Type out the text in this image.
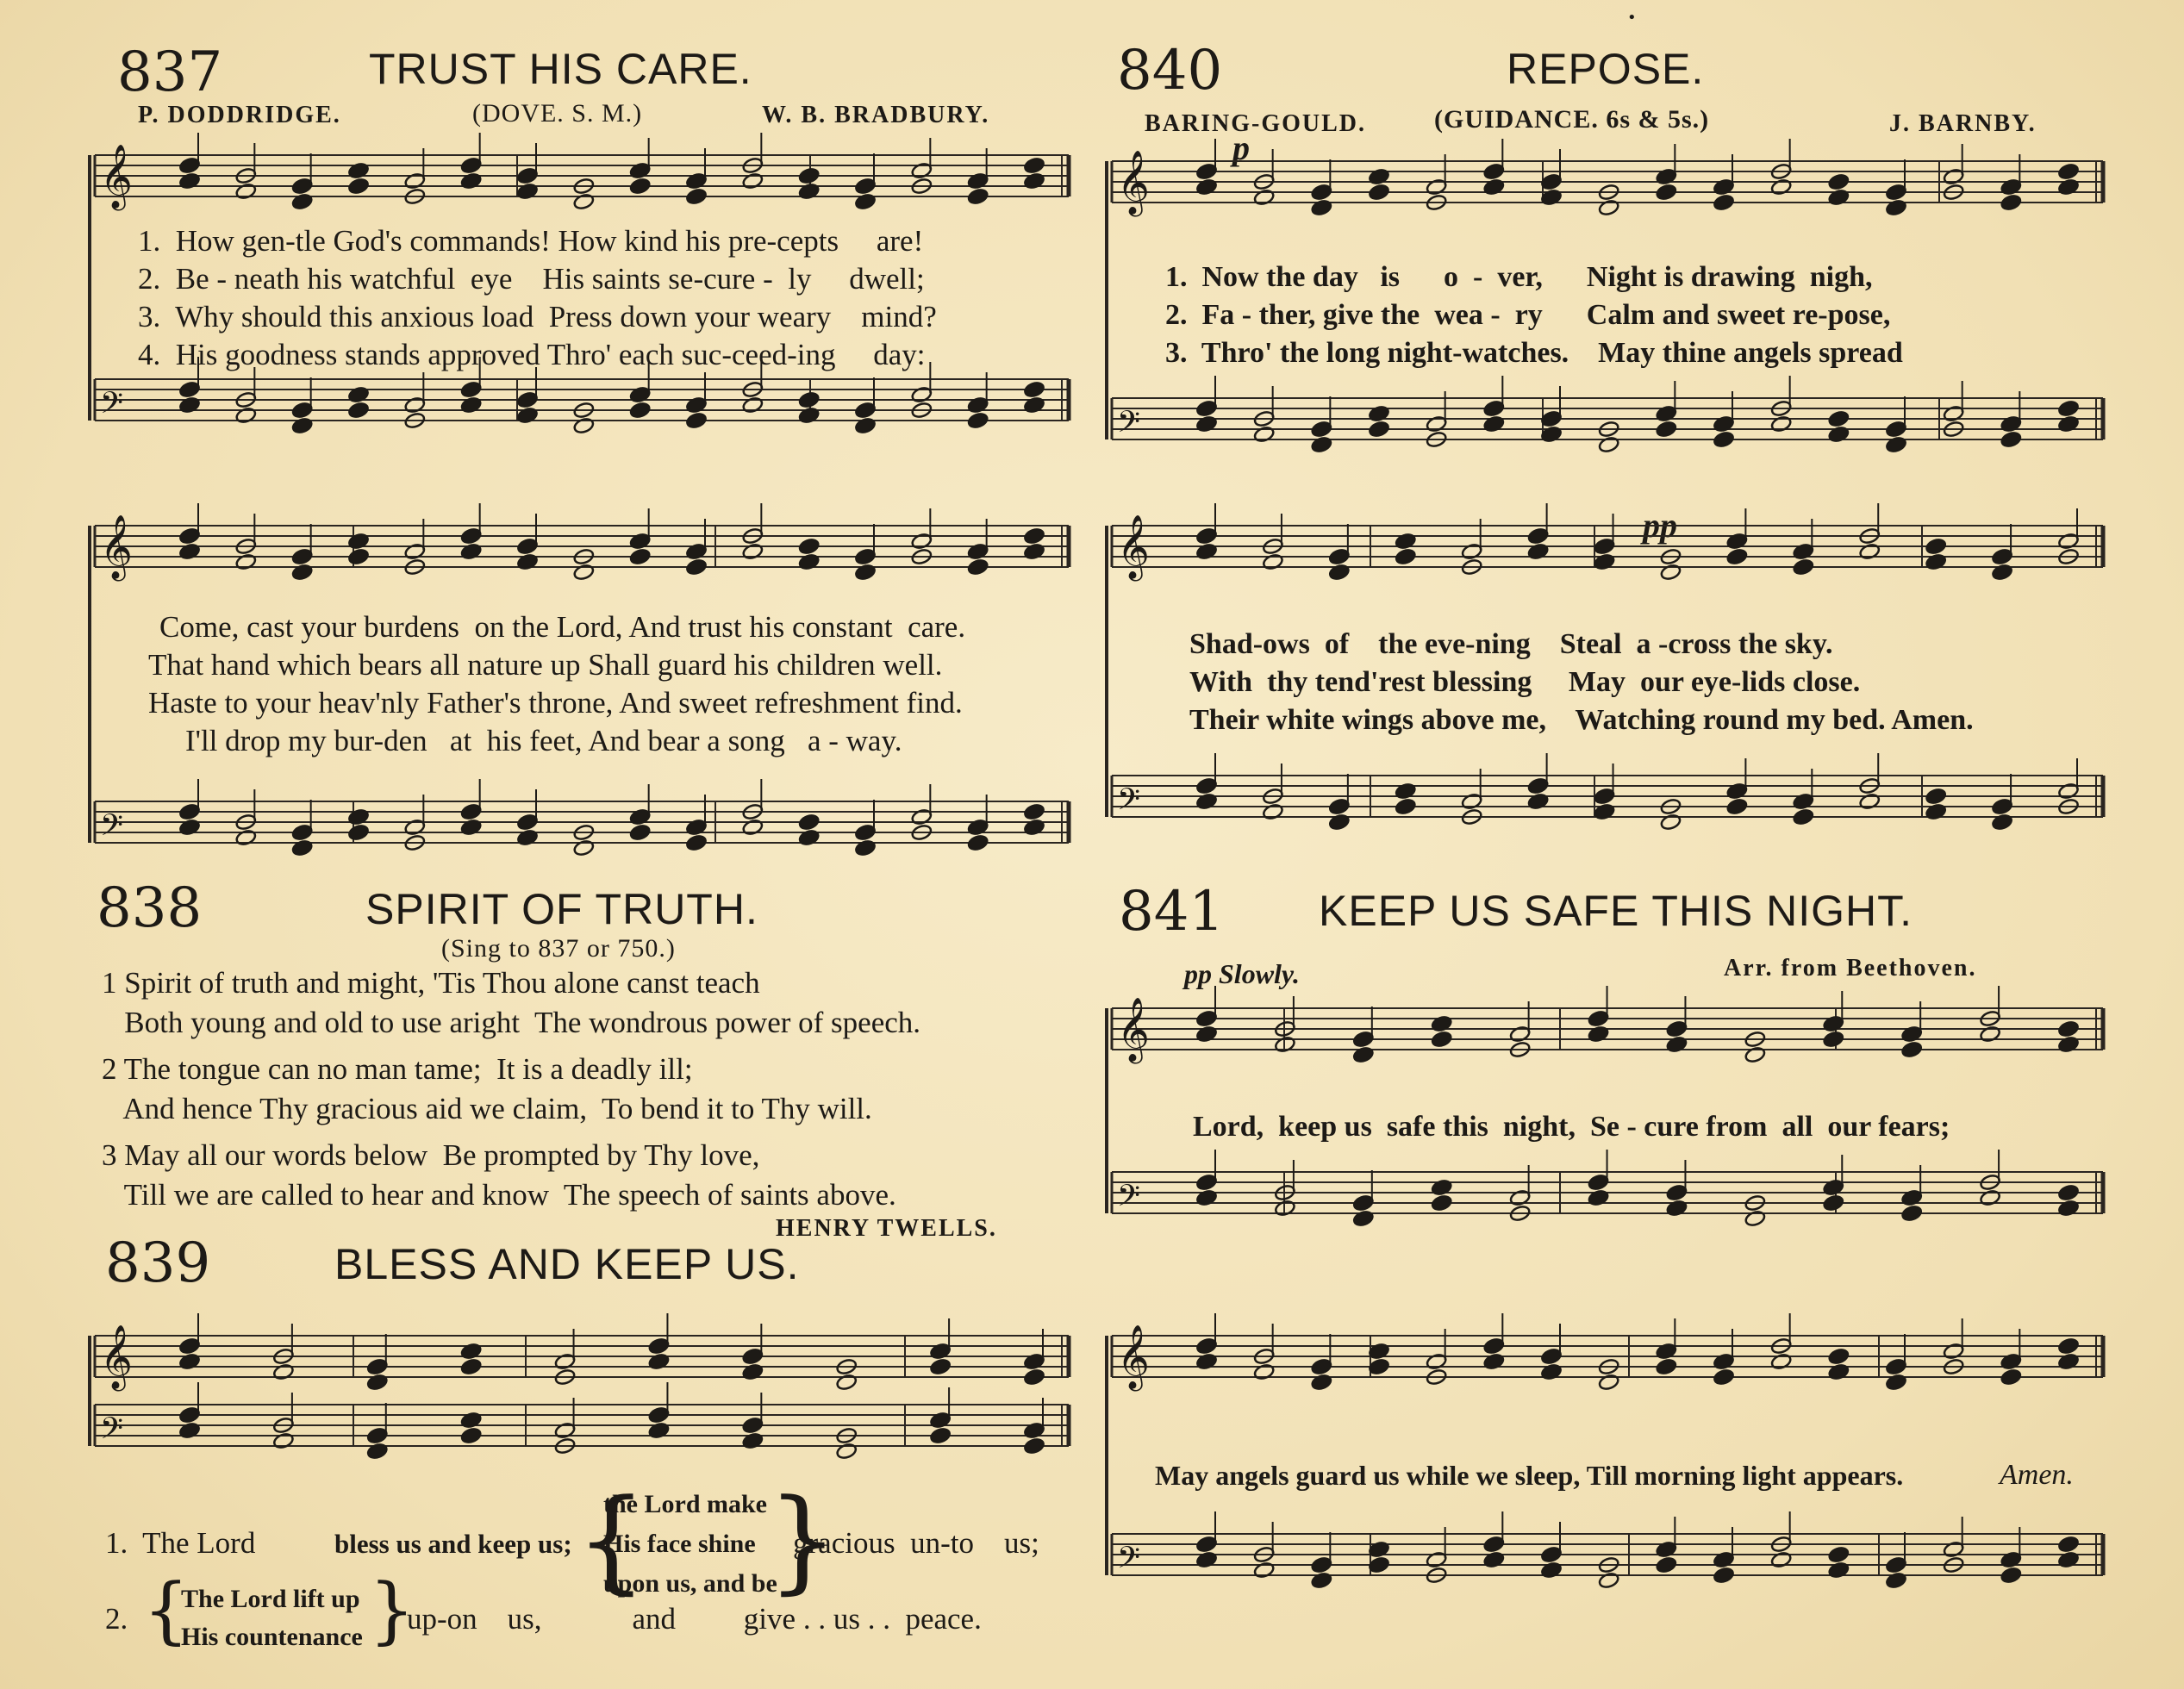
837	TRUST HIS CARE.
P. DODDRIDGE.	(DOVE. S. M.)	W. B. BRADBURY.
𝄞
𝄢
1.  How gen-tle God's commands! How kind his pre-cepts     are!
2.  Be - neath his watchful  eye    His saints se-cure -  ly     dwell;
3.  Why should this anxious load  Press down your weary    mind?
4.  His goodness stands approved Thro' each suc-ceed-ing     day:
𝄞
𝄢
Come, cast your burdens  on the Lord, And trust his constant  care.
That hand which bears all nature up Shall guard his children well.
Haste to your heav'nly Father's throne, And sweet refreshment find.
I'll drop my bur-den   at  his feet, And bear a song   a - way.
838	SPIRIT OF TRUTH.
(Sing to 837 or 750.)
1 Spirit of truth and might, 'Tis Thou alone canst teach
Both young and old to use aright  The wondrous power of speech.
2 The tongue can no man tame;  It is a deadly ill;
And hence Thy gracious aid we claim,  To bend it to Thy will.
3 May all our words below  Be prompted by Thy love,
Till we are called to hear and know  The speech of saints above.
HENRY TWELLS.
839	BLESS AND KEEP US.
𝄞
𝄢
1.  The Lord	bless us and keep us; {
the Lord make
His face shine
upon us, and be
}
gracious  un-to    us;
2. {
The Lord lift up
His countenance }
up-on    us,            and         give . . us . .  peace.
840	REPOSE.
BARING-GOULD.	(GUIDANCE. 6s & 5s.)	J. BARNBY.
p
𝄞
𝄢
1.  Now the day   is      o  -  ver,      Night is drawing  nigh,
2.  Fa - ther, give the  wea -  ry      Calm and sweet re-pose,
3.  Thro' the long night-watches.    May thine angels spread
pp
𝄞
𝄢
Shad-ows  of    the eve-ning    Steal  a -cross the sky.
With  thy tend'rest blessing     May  our eye-lids close.
Their white wings above me,    Watching round my bed. Amen.
841 KEEP US SAFE THIS NIGHT.
pp Slowly.	Arr. from Beethoven.
𝄞
𝄢
Lord,  keep us  safe this  night,  Se - cure from  all  our fears;
𝄞
𝄢
May angels guard us while we sleep, Till morning light appears.	Amen.
•
